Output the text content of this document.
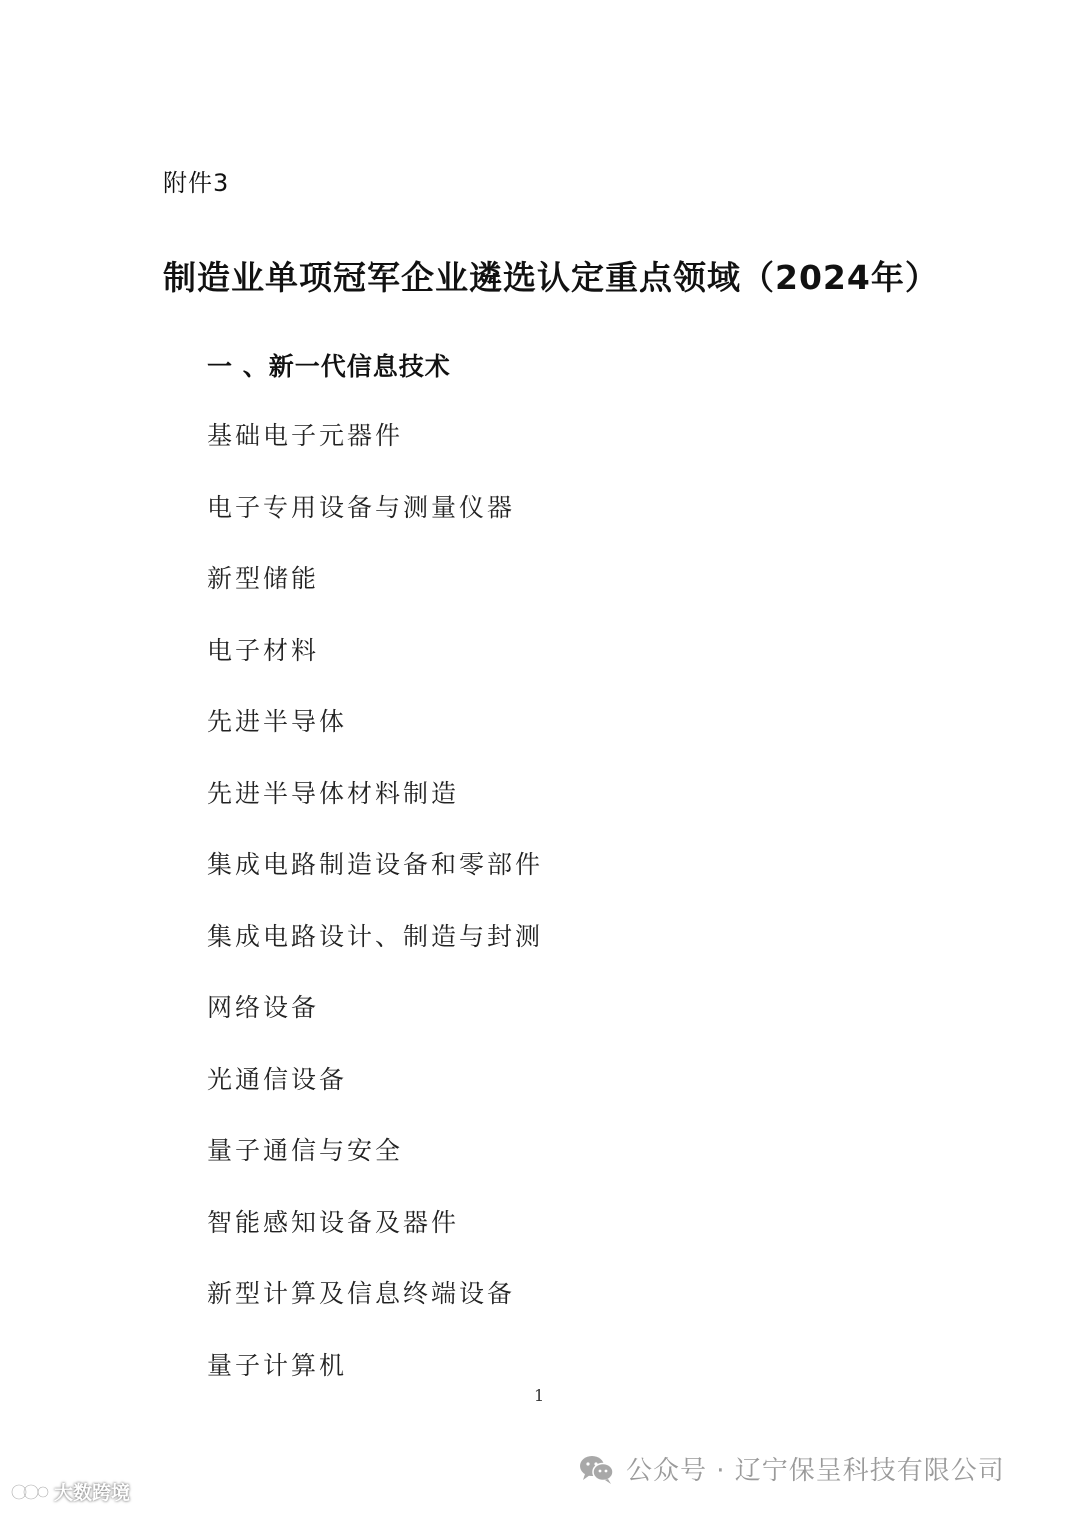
附件3
制造业单项冠军企业遴选认定重点领域（2024年）
一 、新一代信息技术
基础电子元器件
电子专用设备与测量仪器
新型储能
电子材料
先进半导体
先进半导体材料制造
集成电路制造设备和零部件
集成电路设计、制造与封测
网络设备
光通信设备
量子通信与安全
智能感知设备及器件
新型计算及信息终端设备
量子计算机
1
大数跨境
公众号 · 辽宁保呈科技有限公司
